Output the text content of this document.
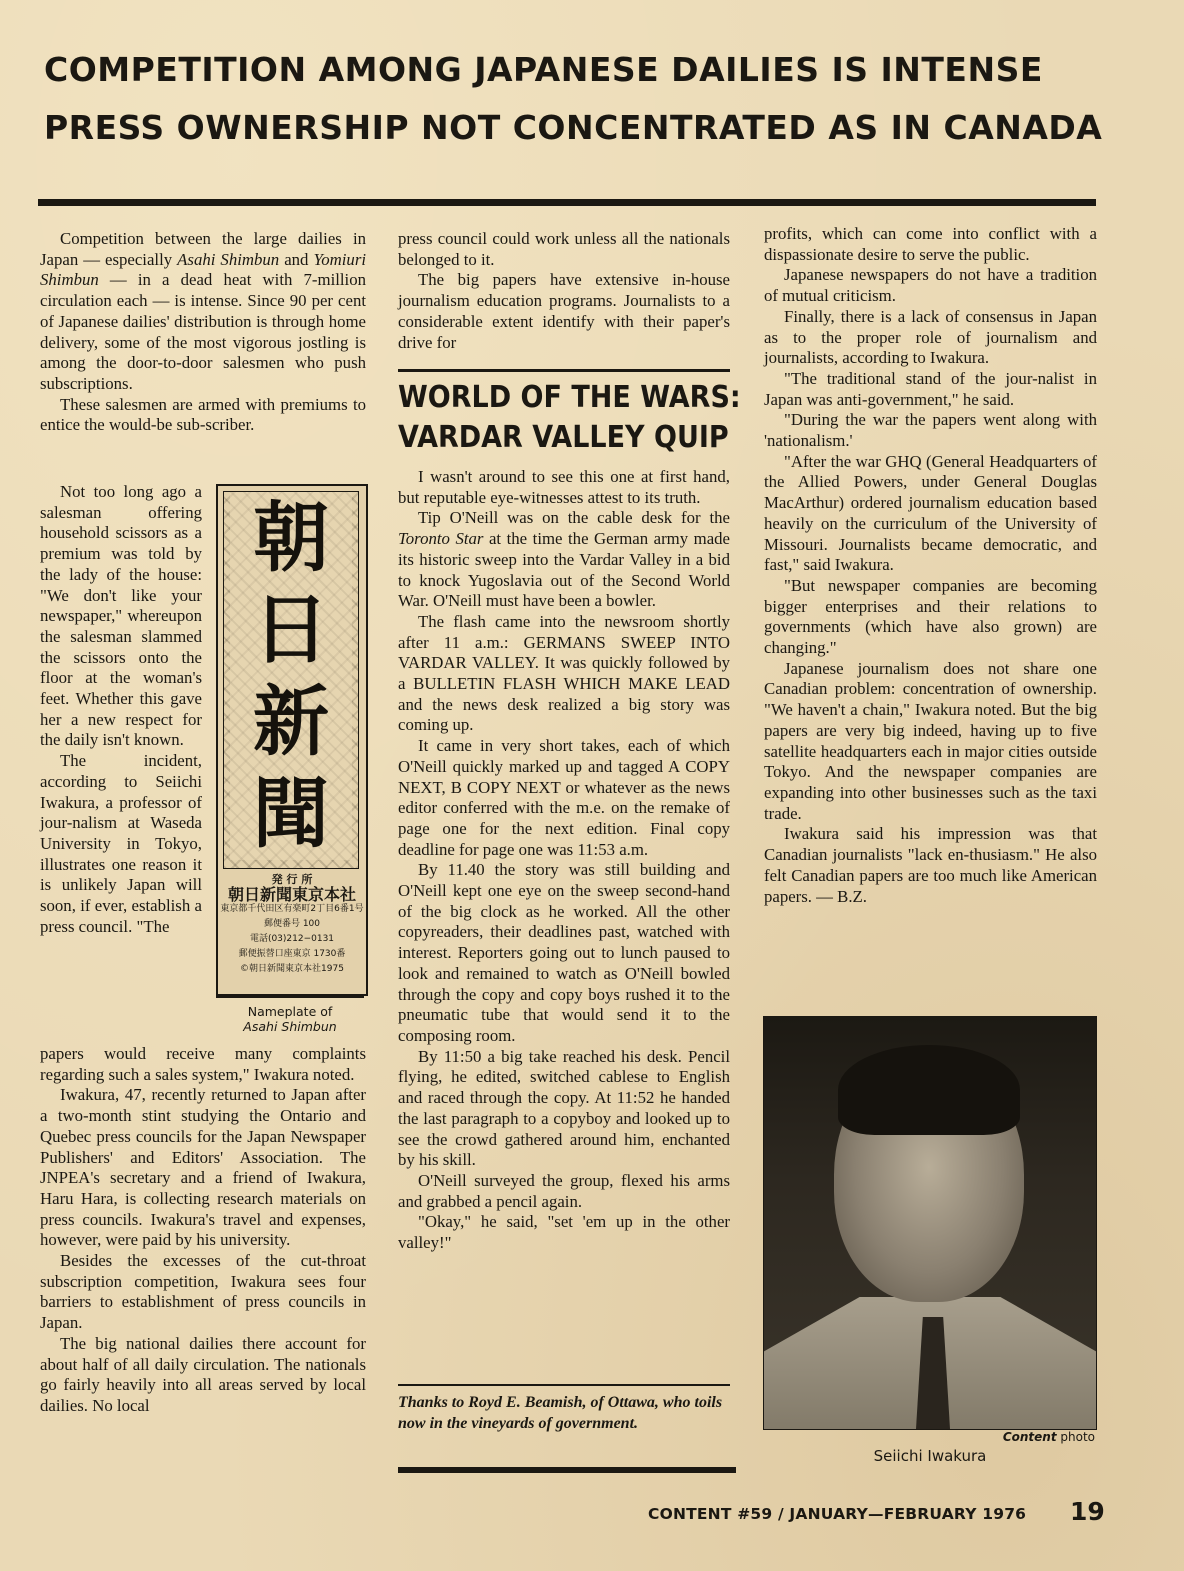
COMPETITION AMONG JAPANESE DAILIES IS INTENSE
PRESS OWNERSHIP NOT CONCENTRATED AS IN CANADA

Competition between the large dailies in Japan — especially Asahi Shimbun and Yomiuri Shimbun — in a dead heat with 7-million circulation each — is intense. Since 90 per cent of Japanese dailies' distribution is through home delivery, some of the most vigorous jostling is among the door-to-door salesmen who push subscriptions.

These salesmen are armed with premiums to entice the would-be sub-scriber.

Not too long ago a salesman offering household scissors as a premium was told by the lady of the house: "We don't like your newspaper," whereupon the salesman slammed the scissors onto the floor at the woman's feet. Whether this gave her a new respect for the daily isn't known.

The incident, according to Seiichi Iwakura, a professor of jour-nalism at Waseda University in Tokyo, illustrates one reason it is unlikely Japan will soon, if ever, establish a press council. "The

朝
日
新
聞
発 行 所
朝日新聞東京本社
東京都千代田区有楽町2丁目6番1号
郵便番号 100
電話(03)212−0131
郵便振替口座東京 1730番
©朝日新聞東京本社1975
Nameplate of
Asahi Shimbun

papers would receive many complaints regarding such a sales system," Iwakura noted.

Iwakura, 47, recently returned to Japan after a two-month stint studying the Ontario and Quebec press councils for the Japan Newspaper Publishers' and Editors' Association. The JNPEA's secretary and a friend of Iwakura, Haru Hara, is collecting research materials on press councils. Iwakura's travel and expenses, however, were paid by his university.

Besides the excesses of the cut-throat subscription competition, Iwakura sees four barriers to establishment of press councils in Japan.

The big national dailies there account for about half of all daily circulation. The nationals go fairly heavily into all areas served by local dailies. No local

press council could work unless all the nationals belonged to it.

The big papers have extensive in-house journalism education programs. Journalists to a considerable extent identify with their paper's drive for

WORLD OF THE WARS:
VARDAR VALLEY QUIP

I wasn't around to see this one at first hand, but reputable eye-witnesses attest to its truth.

Tip O'Neill was on the cable desk for the Toronto Star at the time the German army made its historic sweep into the Vardar Valley in a bid to knock Yugoslavia out of the Second World War. O'Neill must have been a bowler.

The flash came into the newsroom shortly after 11 a.m.: GERMANS SWEEP INTO VARDAR VALLEY. It was quickly followed by a BULLETIN FLASH WHICH MAKE LEAD and the news desk realized a big story was coming up.

It came in very short takes, each of which O'Neill quickly marked up and tagged A COPY NEXT, B COPY NEXT or whatever as the news editor conferred with the m.e. on the remake of page one for the next edition. Final copy deadline for page one was 11:53 a.m.

By 11.40 the story was still building and O'Neill kept one eye on the sweep second-hand of the big clock as he worked. All the other copyreaders, their deadlines past, watched with interest. Reporters going out to lunch paused to look and remained to watch as O'Neill bowled through the copy and copy boys rushed it to the pneumatic tube that would send it to the composing room.

By 11:50 a big take reached his desk. Pencil flying, he edited, switched cablese to English and raced through the copy. At 11:52 he handed the last paragraph to a copyboy and looked up to see the crowd gathered around him, enchanted by his skill.

O'Neill surveyed the group, flexed his arms and grabbed a pencil again.

"Okay," he said, "set 'em up in the other valley!"

Thanks to Royd E. Beamish, of Ottawa, who toils now in the vineyards of government.

profits, which can come into conflict with a dispassionate desire to serve the public.

Japanese newspapers do not have a tradition of mutual criticism.

Finally, there is a lack of consensus in Japan as to the proper role of journalism and journalists, according to Iwakura.

"The traditional stand of the jour-nalist in Japan was anti-government," he said.

"During the war the papers went along with 'nationalism.'

"After the war GHQ (General Headquarters of the Allied Powers, under General Douglas MacArthur) ordered journalism education based heavily on the curriculum of the University of Missouri. Journalists became democratic, and fast," said Iwakura.

"But newspaper companies are becoming bigger enterprises and their relations to governments (which have also grown) are changing."

Japanese journalism does not share one Canadian problem: concentration of ownership. "We haven't a chain," Iwakura noted. But the big papers are very big indeed, having up to five satellite headquarters each in major cities outside Tokyo. And the newspaper companies are expanding into other businesses such as the taxi trade.

Iwakura said his impression was that Canadian journalists "lack en-thusiasm." He also felt Canadian papers are too much like American papers. — B.Z.

Content photo
Seiichi Iwakura
CONTENT #59 / JANUARY—FEBRUARY 1976 19
